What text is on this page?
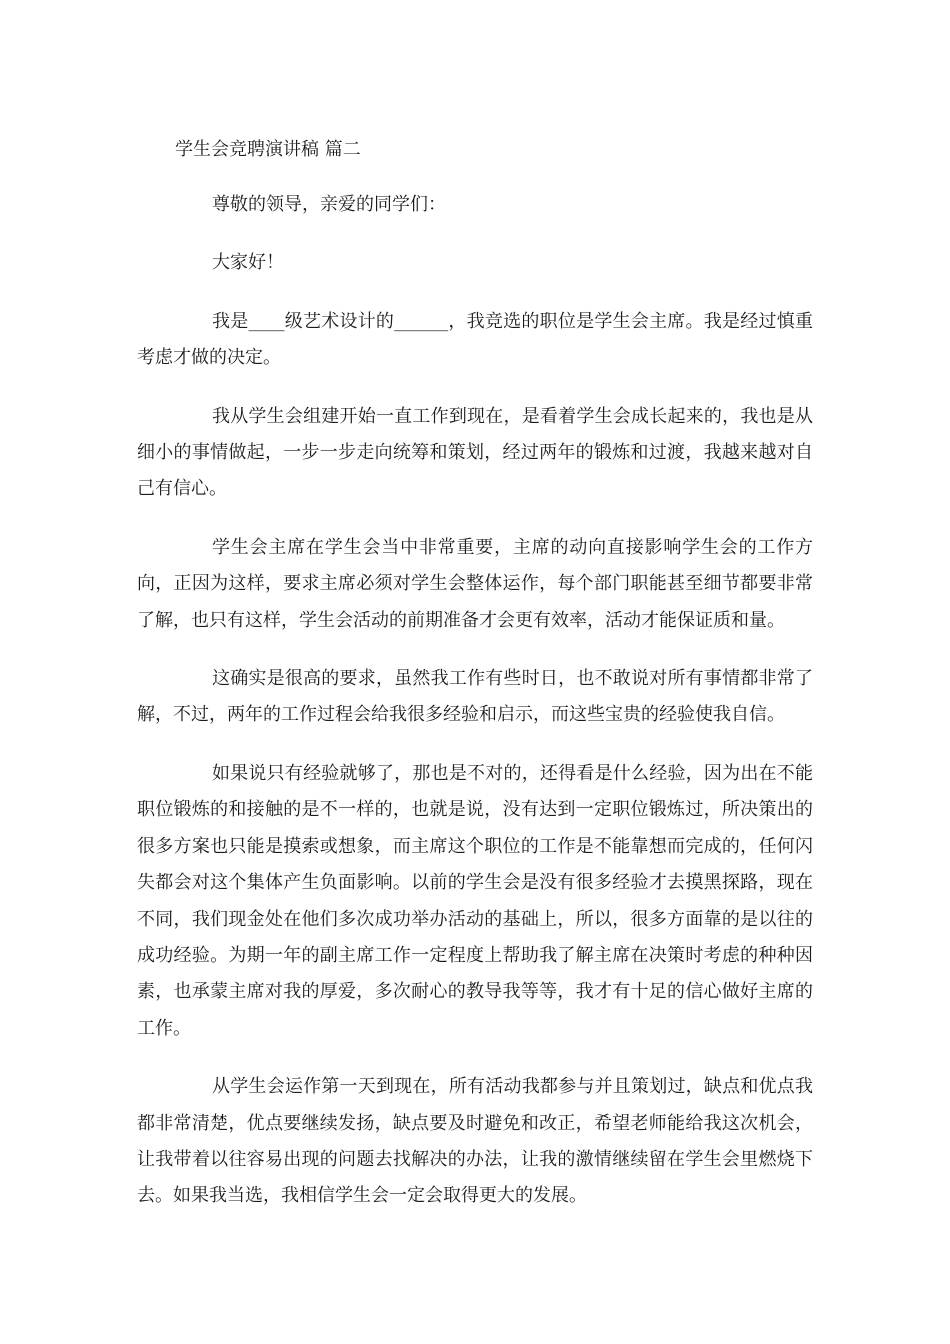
学生会竞聘演讲稿 篇二

尊敬的领导，亲爱的同学们：

大家好！

我是____级艺术设计的______，我竞选的职位是学生会主席。我是经过慎重考虑才做的决定。

我从学生会组建开始一直工作到现在，是看着学生会成长起来的，我也是从细小的事情做起，一步一步走向统筹和策划，经过两年的锻炼和过渡，我越来越对自己有信心。

学生会主席在学生会当中非常重要，主席的动向直接影响学生会的工作方向，正因为这样，要求主席必须对学生会整体运作，每个部门职能甚至细节都要非常了解，也只有这样，学生会活动的前期准备才会更有效率，活动才能保证质和量。

这确实是很高的要求，虽然我工作有些时日，也不敢说对所有事情都非常了解，不过，两年的工作过程会给我很多经验和启示，而这些宝贵的经验使我自信。

如果说只有经验就够了，那也是不对的，还得看是什么经验，因为出在不能职位锻炼的和接触的是不一样的，也就是说，没有达到一定职位锻炼过，所决策出的很多方案也只能是摸索或想象，而主席这个职位的工作是不能靠想而完成的，任何闪失都会对这个集体产生负面影响。以前的学生会是没有很多经验才去摸黑探路，现在不同，我们现金处在他们多次成功举办活动的基础上，所以，很多方面靠的是以往的成功经验。为期一年的副主席工作一定程度上帮助我了解主席在决策时考虑的种种因素，也承蒙主席对我的厚爱，多次耐心的教导我等等，我才有十足的信心做好主席的工作。

从学生会运作第一天到现在，所有活动我都参与并且策划过，缺点和优点我都非常清楚，优点要继续发扬，缺点要及时避免和改正，希望老师能给我这次机会，让我带着以往容易出现的问题去找解决的办法，让我的激情继续留在学生会里燃烧下去。如果我当选，我相信学生会一定会取得更大的发展。
